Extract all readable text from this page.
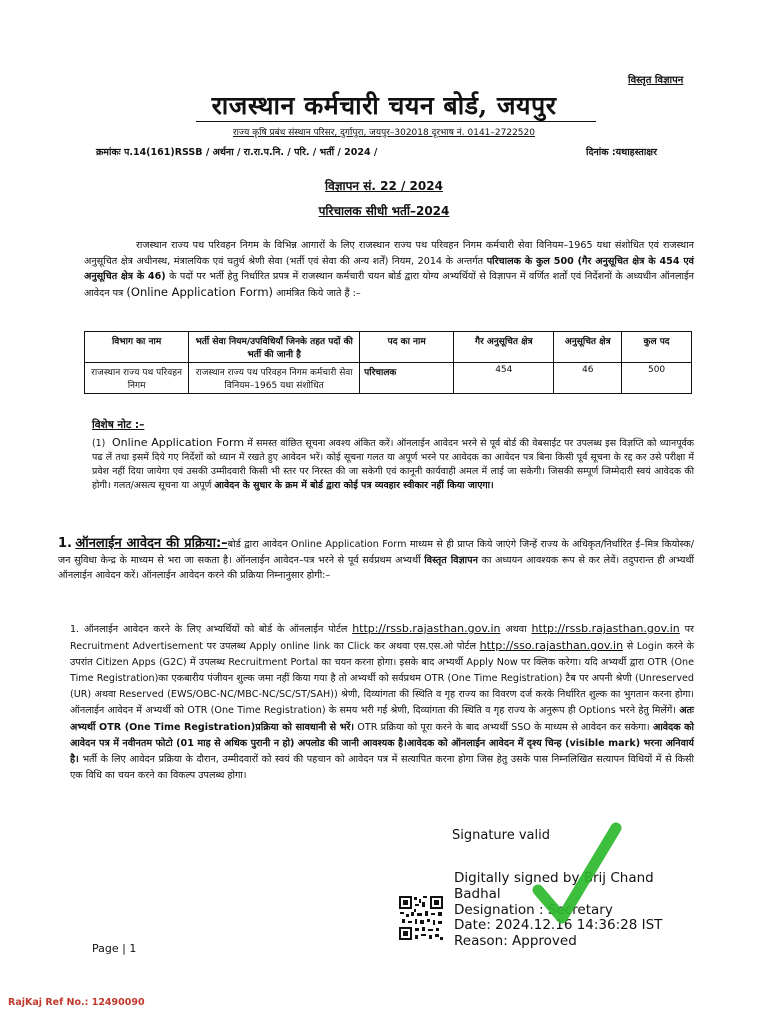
विस्तृत विज्ञापन
राजस्थान कर्मचारी चयन बोर्ड, जयपुर
राज्य कृषि प्रबंध संस्थान परिसर, दुर्गापुरा, जयपुर–302018 दूरभाष नं. 0141–2722520
क्रमांकः प.14(161)RSSB / अर्थना / रा.रा.प.नि. / परि. / भर्ती / 2024 /	दिनांक :यथाहस्ताक्षर
विज्ञापन सं. 22 / 2024
परिचालक सीधी भर्ती–2024
राजस्थान राज्य पथ परिवहन निगम के विभिन्न आगारों के लिए राजस्थान राज्य पथ परिवहन निगम कर्मचारी सेवा विनियम–1965 यथा संशोधित एवं राजस्थान अनुसूचित क्षेत्र अधीनस्थ, मंत्रालयिक एवं चतुर्थ श्रेणी सेवा (भर्ती एवं सेवा की अन्य शर्तें) नियम, 2014 के अन्तर्गत परिचालक के कुल 500 (गैर अनुसूचित क्षेत्र के 454 एवं अनुसूचित क्षेत्र के 46) के पदों पर भर्ती हेतु निर्धारित प्रपत्र में राजस्थान कर्मचारी चयन बोर्ड द्वारा योग्य अभ्यर्थियों से विज्ञापन में वर्णित शर्तों एवं निर्देशनों के अध्यधीन ऑनलाईन आवेदन पत्र (Online Application Form) आमंत्रित किये जाते हैं :–
विभाग का नाम	भर्ती सेवा नियम/उपविधियाँ जिनके तहत पदों की भर्ती की जानी है	पद का नाम	गैर अनुसूचित क्षेत्र	अनुसूचित क्षेत्र	कुल पद
राजस्थान राज्य पथ परिवहन निगम	राजस्थान राज्य पथ परिवहन निगम कर्मचारी सेवा विनियम–1965 यथा संशोधित	परिचालक	454	46	500
विशेष नोट :–
(1) Online Application Form में समस्त वांछित सूचना अवश्य अंकित करें। ऑनलाईन आवेदन भरने से पूर्व बोर्ड की वेबसाईट पर उपलब्ध इस विज्ञप्ति को ध्यानपूर्वक पढ लें तथा इसमें दिये गए निर्देशों को ध्यान में रखते हुए आवेदन भरें। कोई सूचना गलत या अपूर्ण भरने पर आवेदक का आवेदन पत्र बिना किसी पूर्व सूचना के रद्द कर उसे परीक्षा में प्रवेश नहीं दिया जायेगा एवं उसकी उम्मीदवारी किसी भी स्तर पर निरस्त की जा सकेगी एवं कानूनी कार्यवाही अमल में लाई जा सकेगी। जिसकी सम्पूर्ण जिम्मेदारी स्वयं आवेदक की होगी। गलत/असत्य सूचना या अपूर्ण आवेदन के सुधार के क्रम में बोर्ड द्वारा कोई पत्र व्यवहार स्वीकार नहीं किया जाएगा।
1. ऑनलाईन आवेदन की प्रक्रिया:–बोर्ड द्वारा आवेदन Online Application Form माध्यम से ही प्राप्त किये जाएंगे जिन्हें राज्य के अधिकृत/निर्धारित ई–मित्र कियोस्क/जन सुविधा केन्द्र के माध्यम से भरा जा सकता है। ऑनलाईन आवेदन–पत्र भरने से पूर्व सर्वप्रथम अभ्यर्थी विस्तृत विज्ञापन का अध्ययन आवश्यक रूप से कर लेवें। तदुपरान्त ही अभ्यर्थी ऑनलाईन आवेदन करें। ऑनलाईन आवेदन करने की प्रक्रिया निम्नानुसार होगी:–
1. ऑनलाईन आवेदन करने के लिए अभ्यर्थियों को बोर्ड के ऑनलाईन पोर्टल http://rssb.rajasthan.gov.in अथवा http://rssb.rajasthan.gov.in पर Recruitment Advertisement पर उपलब्ध Apply online link का Click कर अथवा एस.एस.ओ पोर्टल http://sso.rajasthan.gov.in से Login करने के उपरांत Citizen Apps (G2C) में उपलब्ध Recruitment Portal का चयन करना होगा। इसके बाद अभ्यर्थी Apply Now पर क्लिक करेगा। यदि अभ्यर्थी द्वारा OTR (One Time Registration)का एकबारीय पंजीयन शुल्क जमा नहीं किया गया है तो अभ्यर्थी को सर्वप्रथम OTR (One Time Registration) टैब पर अपनी श्रेणी (Unreserved (UR) अथवा Reserved (EWS/OBC-NC/MBC-NC/SC/ST/SAH)) श्रेणी, दिव्यांगता की स्थिति व गृह राज्य का विवरण दर्ज करके निर्धारित शुल्क का भुगतान करना होगा। ऑनलाईन आवेदन में अभ्यर्थी को OTR (One Time Registration) के समय भरी गई श्रेणी, दिव्यांगता की स्थिति व गृह राज्य के अनुरूप ही Options भरने हेतु मिलेंगें। अतः अभ्यर्थी OTR (One Time Registration)प्रक्रिया को सावधानी से भरें। OTR प्रक्रिया को पूरा करने के बाद अभ्यर्थी SSO के माध्यम से आवेदन कर सकेगा। आवेदक को आवेदन पत्र में नवीनतम फोटो (01 माह से अधिक पुरानी न हो) अपलोड की जानी आवश्यक है।आवेदक को ऑनलाईन आवेदन में दृश्य चिन्ह (visible mark) भरना अनिवार्य है। भर्ती के लिए आवेदन प्रक्रिया के दौरान, उम्मीदवारों को स्वयं की पहचान को आवेदन पत्र में सत्यापित करना होगा जिस हेतु उसके पास निम्नलिखित सत्यापन विधियों में से किसी एक विधि का चयन करने का विकल्प उपलब्ध होगा।
Signature valid
Digitally signed by Brij Chand
Badhal
Designation : Secretary
Date: 2024.12.16 14:36:28 IST
Reason: Approved
Page | 1
RajKaj Ref No.: 12490090
